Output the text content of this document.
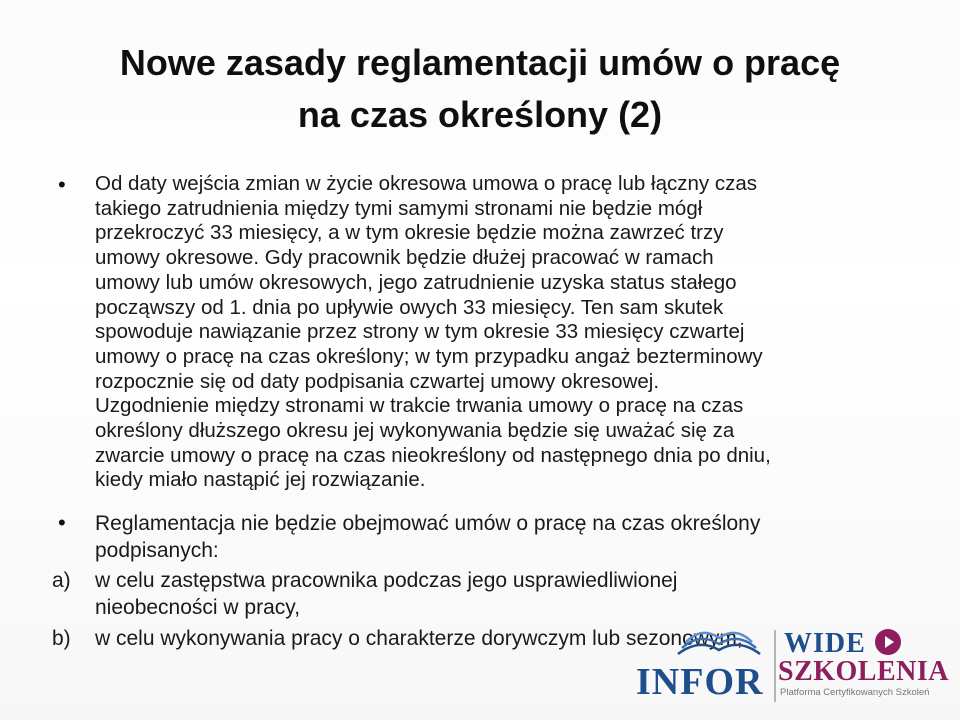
Nowe zasady reglamentacji umów o pracę
na czas określony (2)
• Od daty wejścia zmian w życie okresowa umowa o pracę lub łączny czas

takiego zatrudnienia między tymi samymi stronami nie będzie mógł

przekroczyć 33 miesięcy, a w tym okresie będzie można zawrzeć trzy

umowy okresowe. Gdy pracownik będzie dłużej pracować w ramach

umowy lub umów okresowych, jego zatrudnienie uzyska status stałego

począwszy od 1. dnia po upływie owych 33 miesięcy. Ten sam skutek

spowoduje nawiązanie przez strony w tym okresie 33 miesięcy czwartej

umowy o pracę na czas określony; w tym przypadku angaż bezterminowy

rozpocznie się od daty podpisania czwartej umowy okresowej.

Uzgodnienie między stronami w trakcie trwania umowy o pracę na czas

określony dłuższego okresu jej wykonywania będzie się uważać się za

zwarcie umowy o pracę na czas nieokreślony od następnego dnia po dniu,

kiedy miało nastąpić jej rozwiązanie.

• Reglamentacja nie będzie obejmować umów o pracę na czas określony

podpisanych:

a) w celu zastępstwa pracownika podczas jego usprawiedliwionej
nieobecności w pracy,
b) w celu wykonywania pracy o charakterze dorywczym lub sezonowym,
INFOR
WIDE
SZKOLENIA
Platforma Certyfikowanych Szkoleń
